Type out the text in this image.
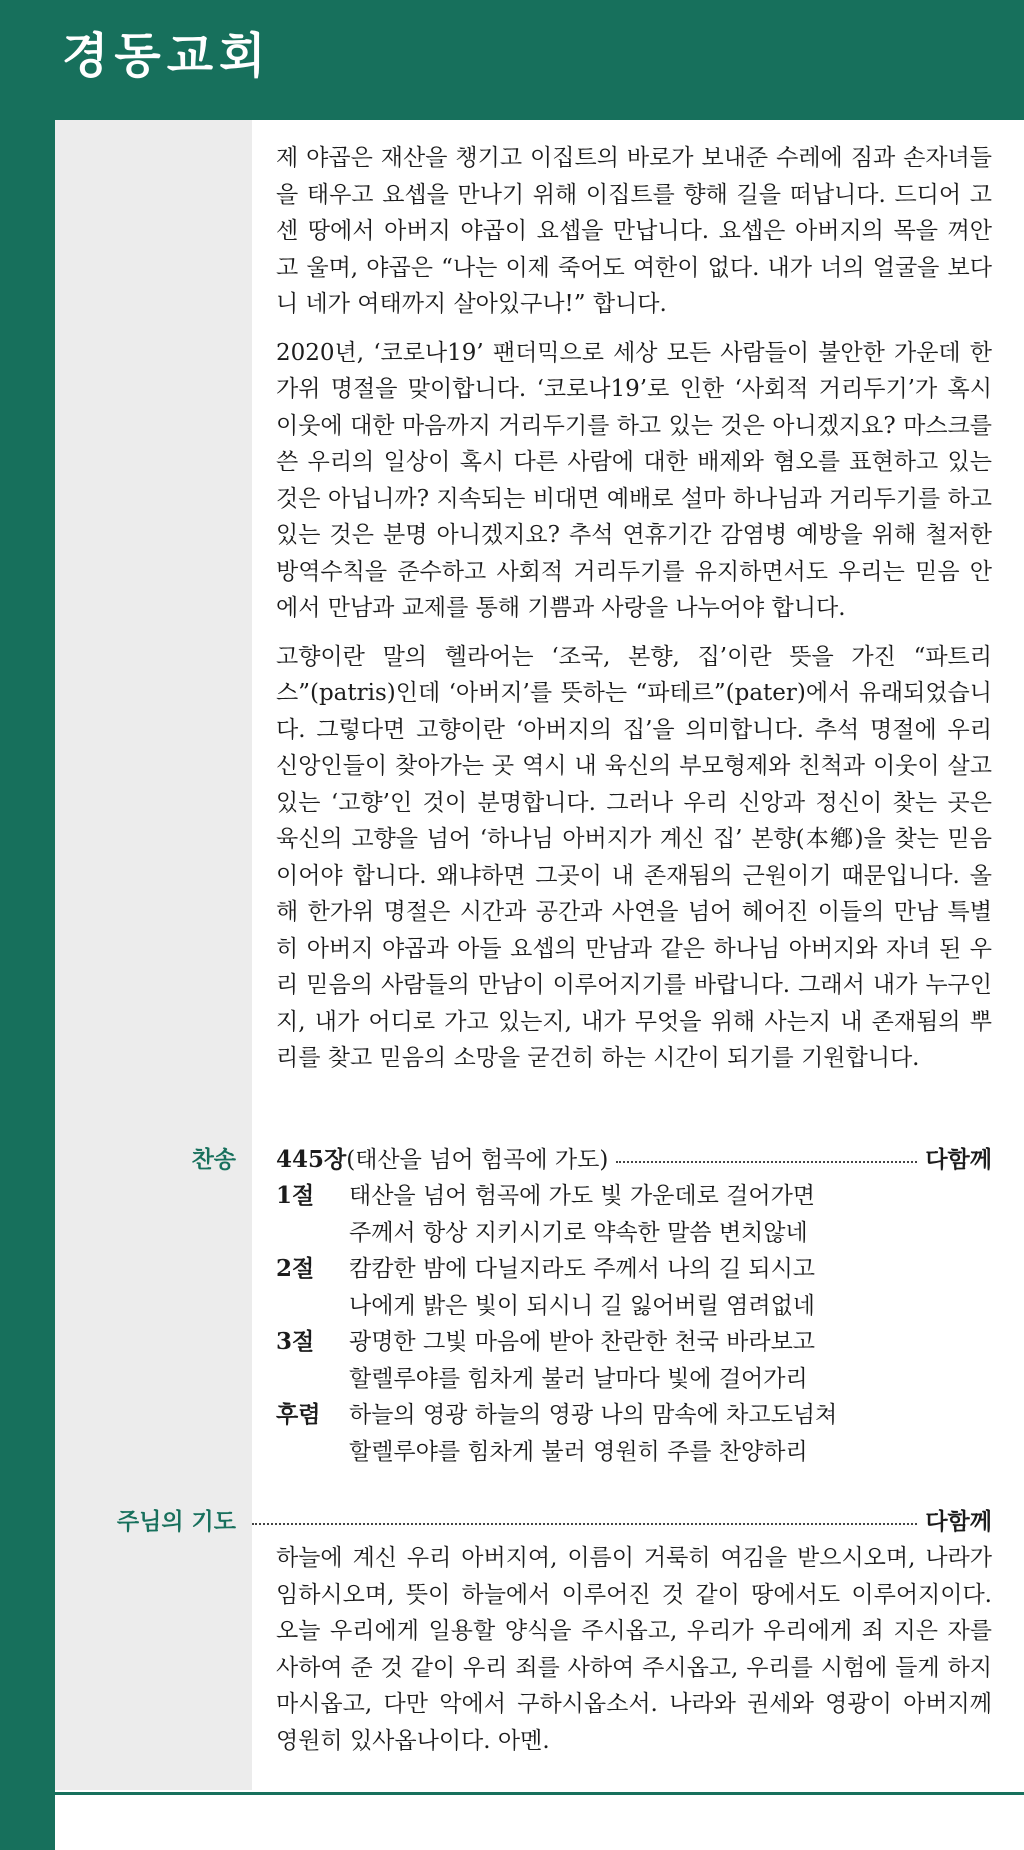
경동교회

제 야곱은 재산을 챙기고 이집트의 바로가 보내준 수레에 짐과 손자녀들을 태우고 요셉을 만나기 위해 이집트를 향해 길을 떠납니다. 드디어 고센 땅에서 아버지 야곱이 요셉을 만납니다. 요셉은 아버지의 목을 껴안고 울며, 야곱은 “나는 이제 죽어도 여한이 없다. 내가 너의 얼굴을 보다니 네가 여태까지 살아있구나!” 합니다.

2020년, ‘코로나19’ 팬더믹으로 세상 모든 사람들이 불안한 가운데 한가위 명절을 맞이합니다. ‘코로나19’로 인한 ‘사회적 거리두기’가 혹시 이웃에 대한 마음까지 거리두기를 하고 있는 것은 아니겠지요? 마스크를 쓴 우리의 일상이 혹시 다른 사람에 대한 배제와 혐오를 표현하고 있는 것은 아닙니까? 지속되는 비대면 예배로 설마 하나님과 거리두기를 하고 있는 것은 분명 아니겠지요? 추석 연휴기간 감염병 예방을 위해 철저한 방역수칙을 준수하고 사회적 거리두기를 유지하면서도 우리는 믿음 안에서 만남과 교제를 통해 기쁨과 사랑을 나누어야 합니다.

고향이란 말의 헬라어는 ‘조국, 본향, 집’이란 뜻을 가진 “파트리스”(patris)인데 ‘아버지’를 뜻하는 “파테르”(pater)에서 유래되었습니다. 그렇다면 고향이란 ‘아버지의 집’을 의미합니다. 추석 명절에 우리 신앙인들이 찾아가는 곳 역시 내 육신의 부모형제와 친척과 이웃이 살고 있는 ‘고향’인 것이 분명합니다. 그러나 우리 신앙과 정신이 찾는 곳은 육신의 고향을 넘어 ‘하나님 아버지가 계신 집’ 본향(本鄕)을 찾는 믿음이어야 합니다. 왜냐하면 그곳이 내 존재됨의 근원이기 때문입니다. 올해 한가위 명절은 시간과 공간과 사연을 넘어 헤어진 이들의 만남 특별히 아버지 야곱과 아들 요셉의 만남과 같은 하나님 아버지와 자녀 된 우리 믿음의 사람들의 만남이 이루어지기를 바랍니다. 그래서 내가 누구인지, 내가 어디로 가고 있는지, 내가 무엇을 위해 사는지 내 존재됨의 뿌리를 찾고 믿음의 소망을 굳건히 하는 시간이 되기를 기원합니다.

찬송 445장 (태산을 넘어 험곡에 가도)	다함께
1절	태산을 넘어 험곡에 가도 빛 가운데로 걸어가면
주께서 항상 지키시기로 약속한 말씀 변치않네
2절	캄캄한 밤에 다닐지라도 주께서 나의 길 되시고
나에게 밝은 빛이 되시니 길 잃어버릴 염려없네
3절	광명한 그빛 마음에 받아 찬란한 천국 바라보고
할렐루야를 힘차게 불러 날마다 빛에 걸어가리
후렴	하늘의 영광 하늘의 영광 나의 맘속에 차고도넘쳐
할렐루야를 힘차게 불러 영원히 주를 찬양하리
주님의 기도	다함께

하늘에 계신 우리 아버지여, 이름이 거룩히 여김을 받으시오며, 나라가 임하시오며, 뜻이 하늘에서 이루어진 것 같이 땅에서도 이루어지이다. 오늘 우리에게 일용할 양식을 주시옵고, 우리가 우리에게 죄 지은 자를 사하여 준 것 같이 우리 죄를 사하여 주시옵고, 우리를 시험에 들게 하지 마시옵고, 다만 악에서 구하시옵소서. 나라와 권세와 영광이 아버지께 영원히 있사옵나이다. 아멘.
